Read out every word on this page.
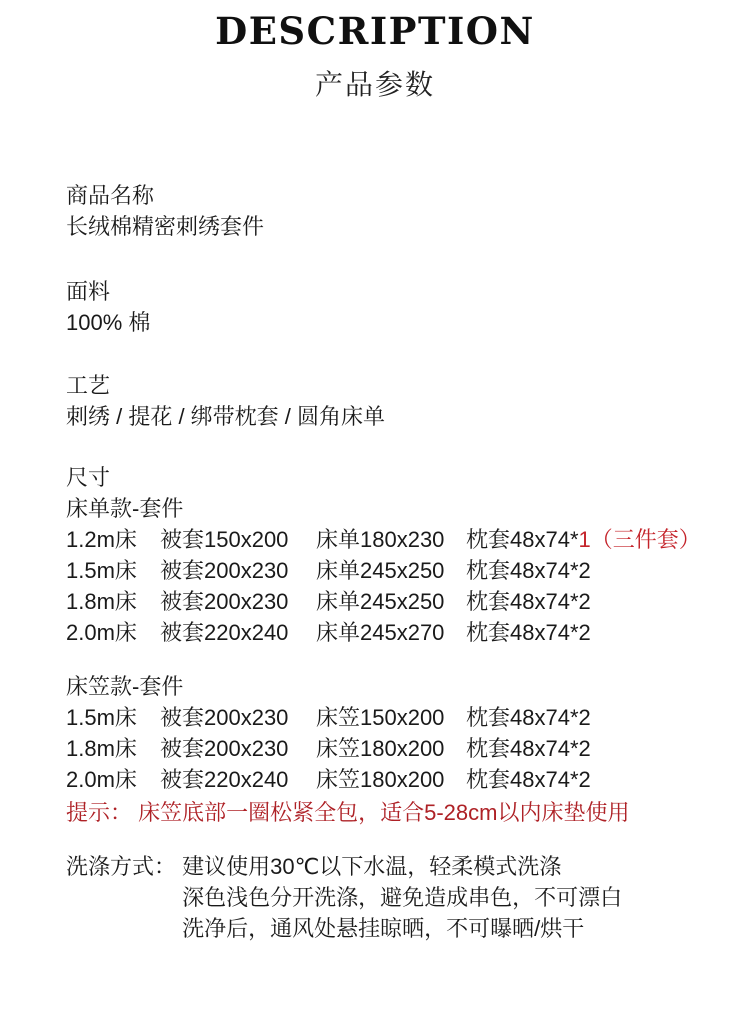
DESCRIPTION
产品参数
商品名称
长绒棉精密刺绣套件
面料
100% 棉
工艺
刺绣 / 提花 / 绑带枕套 / 圆角床单
尺寸
床单款-套件
1.2m床	被套150x200	床单180x230 枕套48x74*1（三件套）
1.5m床	被套200x230	床单245x250 枕套48x74*2
1.8m床	被套200x230	床单245x250 枕套48x74*2
2.0m床	被套220x240	床单245x270 枕套48x74*2
床笠款-套件
1.5m床	被套200x230	床笠150x200 枕套48x74*2
1.8m床	被套200x230	床笠180x200 枕套48x74*2
2.0m床	被套220x240	床笠180x200 枕套48x74*2
提示： 床笠底部一圈松紧全包，适合5-28cm以内床垫使用
洗涤方式： 建议使用30℃以下水温，轻柔模式洗涤
深色浅色分开洗涤，避免造成串色，不可漂白
洗净后，通风处悬挂晾晒，不可曝晒/烘干
